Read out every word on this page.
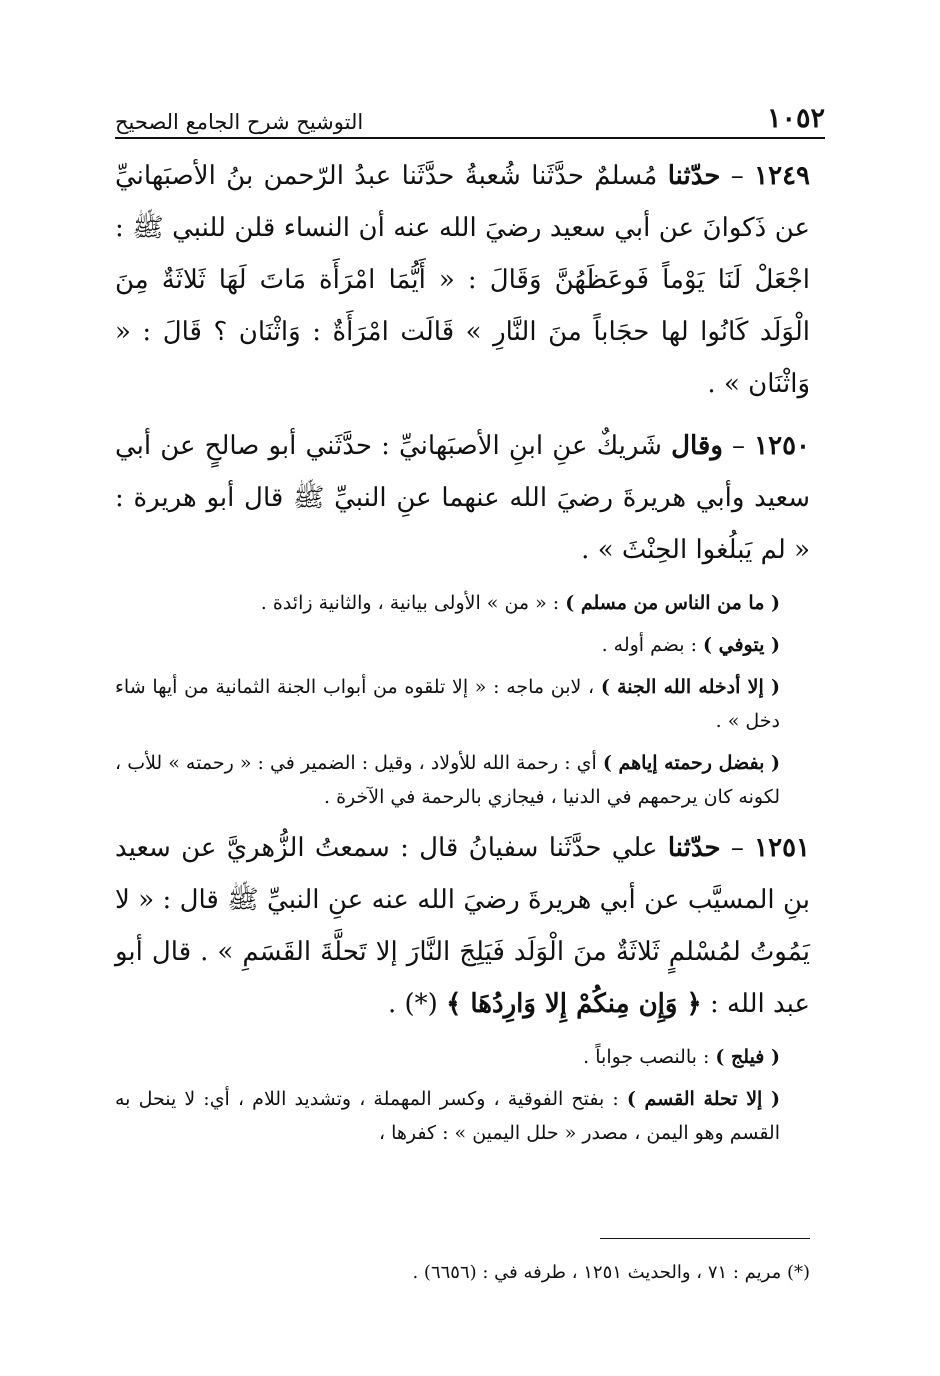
١٠٥٢
التوشيح شرح الجامع الصحيح

١٢٤٩ – حدّثنا مُسلمٌ حدَّثَنا شُعبةُ حدَّثَنا عبدُ الرّحمن بنُ الأصبَهانيِّ عن ذَكوانَ عن أبي سعيد رضيَ الله عنه أن النساء قلن للنبي ﷺ : اجْعَلْ لَنَا يَوْماً فَوعَظَهُنَّ وَقَالَ : « أَيُّمَا امْرَأَة مَاتَ لَهَا ثَلاثَةٌ مِنَ الْوَلَد كَانُوا لها حجَاباً منَ النَّارِ » قَالَت امْرَأَةٌ : وَاثْنَان ؟ قَالَ : « وَاثْنَان » .

١٢٥٠ – وقال شَريكٌ عنِ ابنِ الأصبَهانيِّ : حدَّثَني أبو صالحٍ عن أبي سعيد وأبي هريرةَ رضيَ الله عنهما عنِ النبيِّ ﷺ قال أبو هريرة : « لم يَبلُغوا الحِنْثَ » .

( ما من الناس من مسلم ) : « من » الأولى بيانية ، والثانية زائدة .
( يتوفي ) : بضم أوله .
( إلا أدخله الله الجنة ) ، لابن ماجه : « إلا تلقوه من أبواب الجنة الثمانية من أيها شاء دخل » .
( بفضل رحمته إياهم ) أي : رحمة الله للأولاد ، وقيل : الضمير في : « رحمته » للأب ، لكونه كان يرحمهم في الدنيا ، فيجازي بالرحمة في الآخرة .

١٢٥١ – حدّثنا علي حدَّثَنا سفيانُ قال : سمعتُ الزُّهريَّ عن سعيد بنِ المسيَّب عن أبي هريرةَ رضيَ الله عنه عنِ النبيِّ ﷺ قال : « لا يَمُوتُ لمُسْلمٍ ثَلاثَةٌ منَ الْوَلَد فَيَلِجَ النَّارَ إلا تَحلَّةَ القَسَمِ » . قال أبو عبد الله : ﴿ وَإِن مِنكُمْ إِلا وَارِدُهَا ﴾ (*) .

( فيلج ) : بالنصب جواباً .
( إلا تحلة القسم ) : بفتح الفوقية ، وكسر المهملة ، وتشديد اللام ، أي: لا ينحل به القسم وهو اليمن ، مصدر « حلل اليمين » : كفرها ،
(*) مريم : ٧١ ، والحديث ١٢٥١ ، طرفه في : (٦٦٥٦) .
